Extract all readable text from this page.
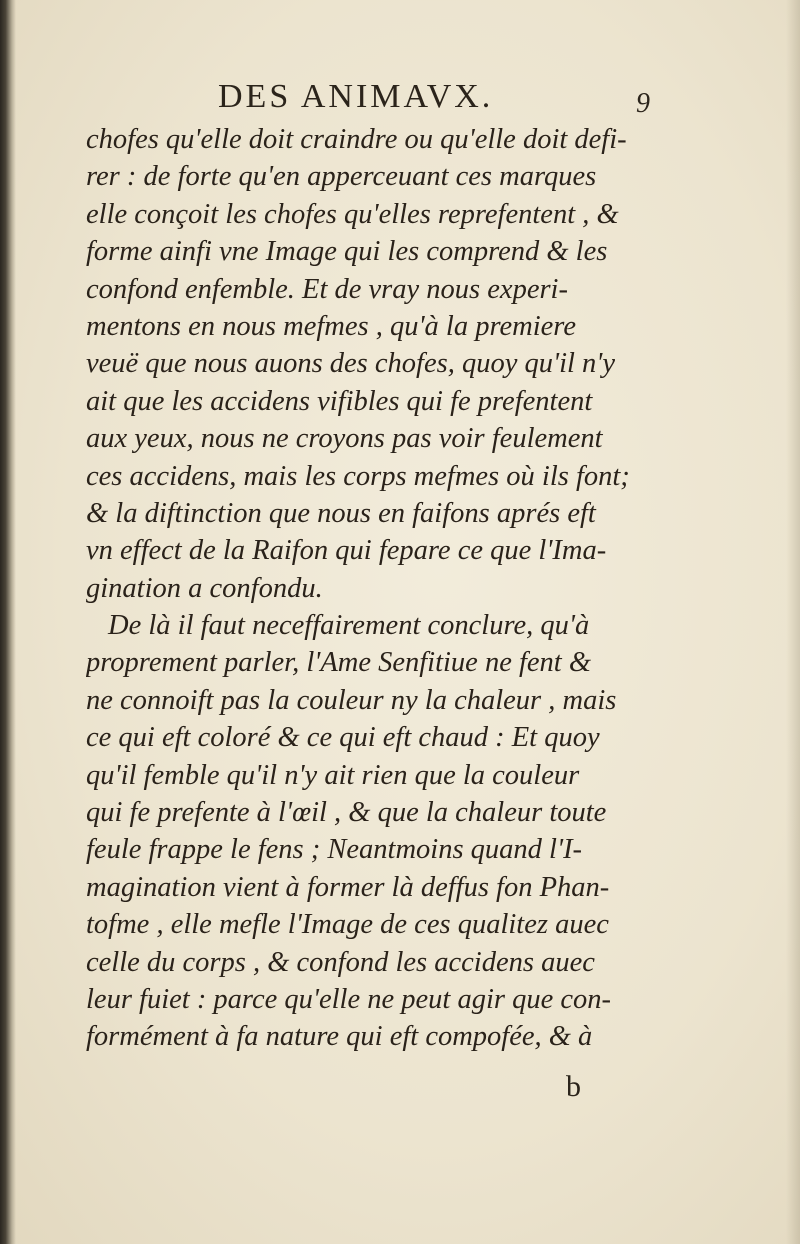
DES ANIMAVX.	9
chofes qu'elle doit craindre ou qu'elle doit defi-
rer : de forte qu'en apperceuant ces marques
elle conçoit les chofes qu'elles reprefentent , &
forme ainfi vne Image qui les comprend & les
confond enfemble. Et de vray nous experi-
mentons en nous mefmes , qu'à la premiere
veuë que nous auons des chofes, quoy qu'il n'y
ait que les accidens vifibles qui fe prefentent
aux yeux, nous ne croyons pas voir feulement
ces accidens, mais les corps mefmes où ils font;
& la diftinction que nous en faifons aprés eft
vn effect de la Raifon qui fepare ce que l'Ima-
gination a confondu.
De là il faut neceffairement conclure, qu'à
proprement parler, l'Ame Senfitiue ne fent &
ne connoift pas la couleur ny la chaleur , mais
ce qui eft coloré & ce qui eft chaud : Et quoy
qu'il femble qu'il n'y ait rien que la couleur
qui fe prefente à l'œil , & que la chaleur toute
feule frappe le fens ; Neantmoins quand l'I-
magination vient à former là deffus fon Phan-
tofme , elle mefle l'Image de ces qualitez auec
celle du corps , & confond les accidens auec
leur fuiet : parce qu'elle ne peut agir que con-
formément à fa nature qui eft compofée, & à
b
